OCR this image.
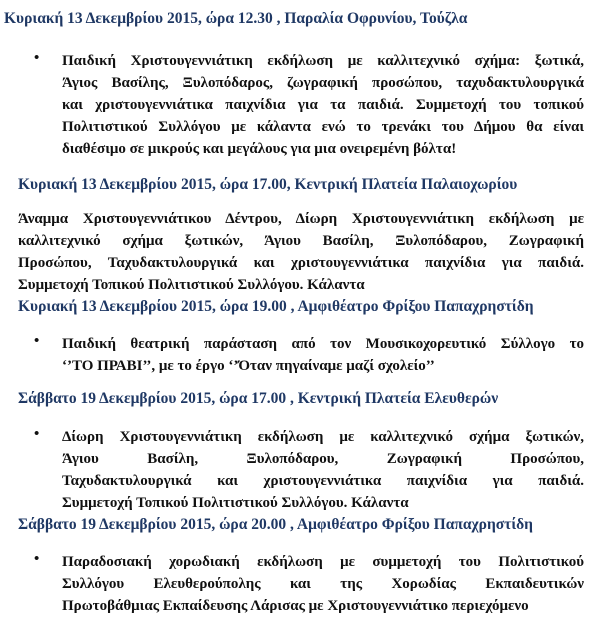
Κυριακή 13 Δεκεμβρίου 2015, ώρα 12.30 , Παραλία Οφρυνίου, Τούζλα
• Παιδική Χριστουγεννιάτικη εκδήλωση με καλλιτεχνικό σχήμα: ξωτικά,
Άγιος Βασίλης, Ξυλοπόδαρος, ζωγραφική προσώπου, ταχυδακτυλουργικά
και χριστουγεννιάτικα παιχνίδια για τα παιδιά. Συμμετοχή του τοπικού
Πολιτιστικού Συλλόγου με κάλαντα ενώ το τρενάκι του Δήμου θα είναι
διαθέσιμο σε μικρούς και μεγάλους για μια ονειρεμένη βόλτα!
Κυριακή 13 Δεκεμβρίου 2015, ώρα 17.00, Κεντρική Πλατεία Παλαιοχωρίου
Άναμμα Χριστουγεννιάτικου Δέντρου, Δίωρη Χριστουγεννιάτικη εκδήλωση με
καλλιτεχνικό σχήμα ξωτικών, Άγιου Βασίλη, Ξυλοπόδαρου, Ζωγραφική
Προσώπου, Ταχυδακτυλουργικά και χριστουγεννιάτικα παιχνίδια για παιδιά.
Συμμετοχή Τοπικού Πολιτιστικού Συλλόγου. Κάλαντα
Κυριακή 13 Δεκεμβρίου 2015, ώρα 19.00 , Αμφιθέατρο Φρίξου Παπαχρηστίδη
• Παιδική θεατρική παράσταση από τον Μουσικοχορευτικό Σύλλογο το
‘’ΤΟ ΠΡΑΒΙ’’, με το έργο ‘’Όταν πηγαίναμε μαζί σχολείο’’
Σάββατο 19 Δεκεμβρίου 2015, ώρα 17.00 , Κεντρική Πλατεία Ελευθερών
• Δίωρη Χριστουγεννιάτικη εκδήλωση με καλλιτεχνικό σχήμα ξωτικών,
Άγιου Βασίλη, Ξυλοπόδαρου, Ζωγραφική Προσώπου,
Ταχυδακτυλουργικά και χριστουγεννιάτικα παιχνίδια για παιδιά.
Συμμετοχή Τοπικού Πολιτιστικού Συλλόγου. Κάλαντα
Σάββατο 19 Δεκεμβρίου 2015, ώρα 20.00 , Αμφιθέατρο Φρίξου Παπαχρηστίδη
• Παραδοσιακή χορωδιακή εκδήλωση με συμμετοχή του Πολιτιστικού
Συλλόγου Ελευθερούπολης και της Χορωδίας Εκπαιδευτικών
Πρωτοβάθμιας Εκπαίδευσης Λάρισας με Χριστουγεννιάτικο περιεχόμενο
